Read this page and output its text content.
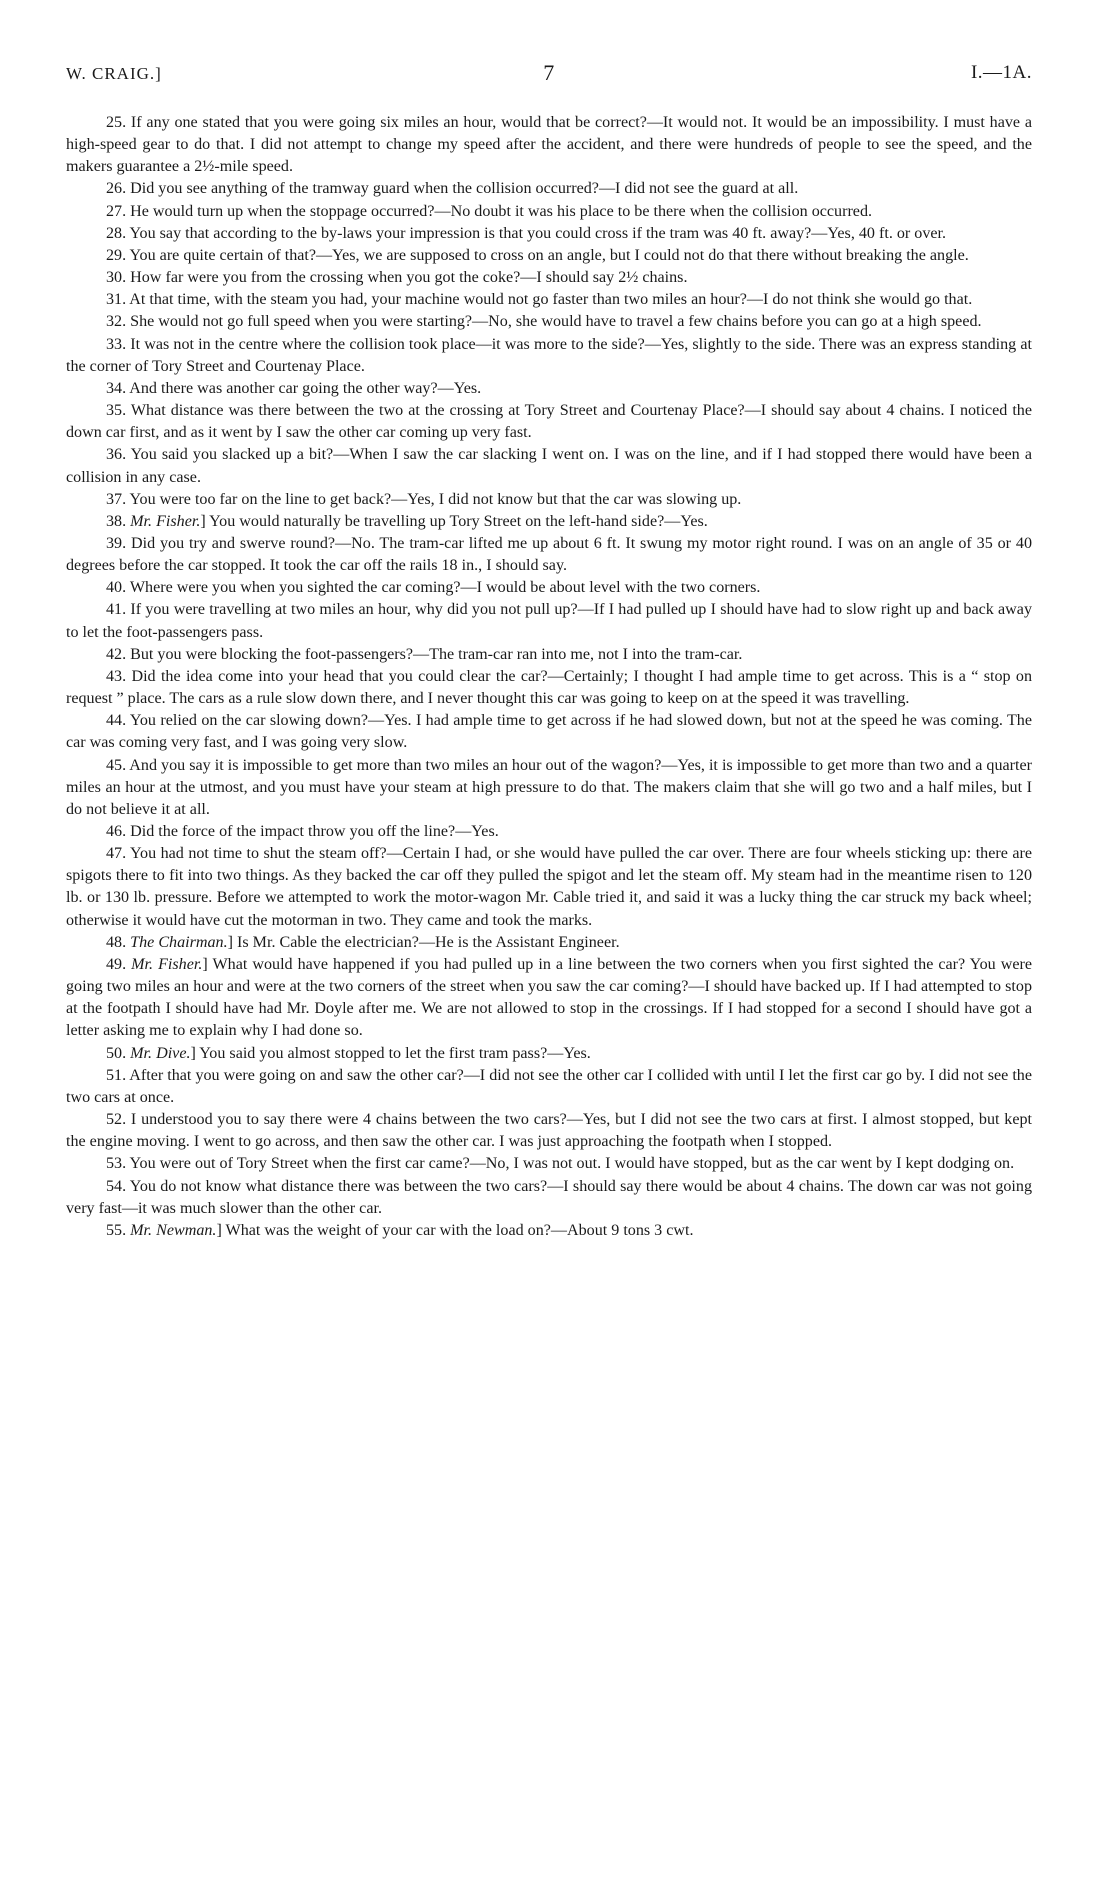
W. CRAIG.]	7	I.—1A.

25. If any one stated that you were going six miles an hour, would that be correct?—It would not. It would be an impossibility. I must have a high-speed gear to do that. I did not attempt to change my speed after the accident, and there were hundreds of people to see the speed, and the makers guarantee a 2½-mile speed.

26. Did you see anything of the tramway guard when the collision occurred?—I did not see the guard at all.

27. He would turn up when the stoppage occurred?—No doubt it was his place to be there when the collision occurred.

28. You say that according to the by-laws your impression is that you could cross if the tram was 40 ft. away?—Yes, 40 ft. or over.

29. You are quite certain of that?—Yes, we are supposed to cross on an angle, but I could not do that there without breaking the angle.

30. How far were you from the crossing when you got the coke?—I should say 2½ chains.

31. At that time, with the steam you had, your machine would not go faster than two miles an hour?—I do not think she would go that.

32. She would not go full speed when you were starting?—No, she would have to travel a few chains before you can go at a high speed.

33. It was not in the centre where the collision took place—it was more to the side?—Yes, slightly to the side. There was an express standing at the corner of Tory Street and Courtenay Place.

34. And there was another car going the other way?—Yes.

35. What distance was there between the two at the crossing at Tory Street and Courtenay Place?—I should say about 4 chains. I noticed the down car first, and as it went by I saw the other car coming up very fast.

36. You said you slacked up a bit?—When I saw the car slacking I went on. I was on the line, and if I had stopped there would have been a collision in any case.

37. You were too far on the line to get back?—Yes, I did not know but that the car was slowing up.

38. Mr. Fisher.] You would naturally be travelling up Tory Street on the left-hand side?—Yes.

39. Did you try and swerve round?—No. The tram-car lifted me up about 6 ft. It swung my motor right round. I was on an angle of 35 or 40 degrees before the car stopped. It took the car off the rails 18 in., I should say.

40. Where were you when you sighted the car coming?—I would be about level with the two corners.

41. If you were travelling at two miles an hour, why did you not pull up?—If I had pulled up I should have had to slow right up and back away to let the foot-passengers pass.

42. But you were blocking the foot-passengers?—The tram-car ran into me, not I into the tram-car.

43. Did the idea come into your head that you could clear the car?—Certainly; I thought I had ample time to get across. This is a “ stop on request ” place. The cars as a rule slow down there, and I never thought this car was going to keep on at the speed it was travelling.

44. You relied on the car slowing down?—Yes. I had ample time to get across if he had slowed down, but not at the speed he was coming. The car was coming very fast, and I was going very slow.

45. And you say it is impossible to get more than two miles an hour out of the wagon?—Yes, it is impossible to get more than two and a quarter miles an hour at the utmost, and you must have your steam at high pressure to do that. The makers claim that she will go two and a half miles, but I do not believe it at all.

46. Did the force of the impact throw you off the line?—Yes.

47. You had not time to shut the steam off?—Certain I had, or she would have pulled the car over. There are four wheels sticking up: there are spigots there to fit into two things. As they backed the car off they pulled the spigot and let the steam off. My steam had in the meantime risen to 120 lb. or 130 lb. pressure. Before we attempted to work the motor-wagon Mr. Cable tried it, and said it was a lucky thing the car struck my back wheel; otherwise it would have cut the motorman in two. They came and took the marks.

48. The Chairman.] Is Mr. Cable the electrician?—He is the Assistant Engineer.

49. Mr. Fisher.] What would have happened if you had pulled up in a line between the two corners when you first sighted the car? You were going two miles an hour and were at the two corners of the street when you saw the car coming?—I should have backed up. If I had attempted to stop at the footpath I should have had Mr. Doyle after me. We are not allowed to stop in the crossings. If I had stopped for a second I should have got a letter asking me to explain why I had done so.

50. Mr. Dive.] You said you almost stopped to let the first tram pass?—Yes.

51. After that you were going on and saw the other car?—I did not see the other car I collided with until I let the first car go by. I did not see the two cars at once.

52. I understood you to say there were 4 chains between the two cars?—Yes, but I did not see the two cars at first. I almost stopped, but kept the engine moving. I went to go across, and then saw the other car. I was just approaching the footpath when I stopped.

53. You were out of Tory Street when the first car came?—No, I was not out. I would have stopped, but as the car went by I kept dodging on.

54. You do not know what distance there was between the two cars?—I should say there would be about 4 chains. The down car was not going very fast—it was much slower than the other car.

55. Mr. Newman.] What was the weight of your car with the load on?—About 9 tons 3 cwt.
